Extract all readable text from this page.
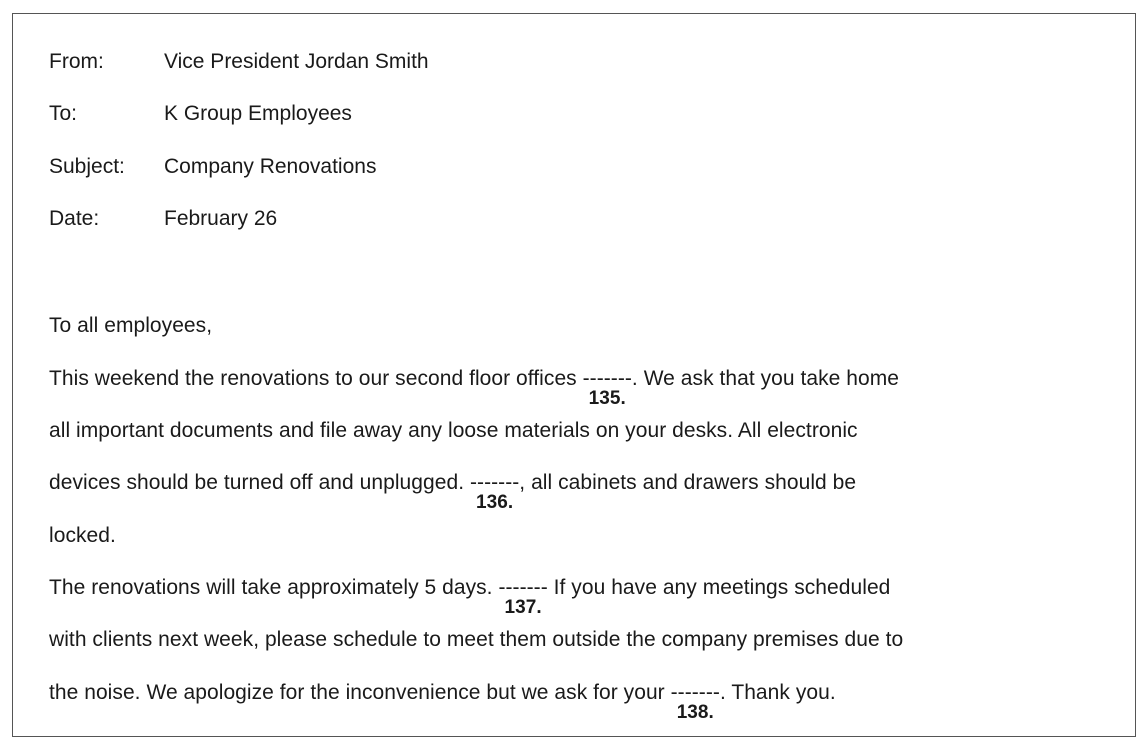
From:	Vice President Jordan Smith
To:	K Group Employees
Subject: Company Renovations
Date:	February 26
To all employees,
This weekend the renovations to our second floor offices -------
135.
. We ask that you take home
all important documents and file away any loose materials on your desks. All electronic
devices should be turned off and unplugged. -------
136.
, all cabinets and drawers should be
locked.
The renovations will take approximately 5 days. -------
137.
If you have any meetings scheduled
with clients next week, please schedule to meet them outside the company premises due to
the noise. We apologize for the inconvenience but we ask for your -------
138.
. Thank you.
